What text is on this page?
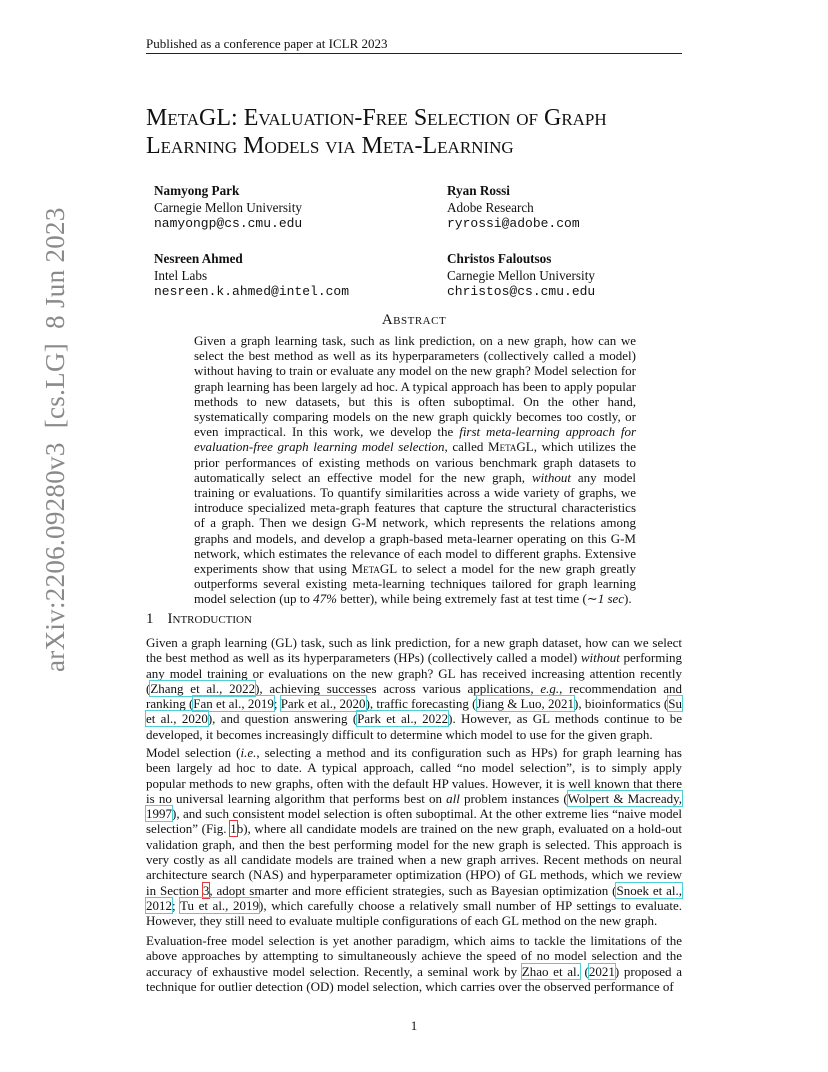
Published as a conference paper at ICLR 2023
arXiv:2206.09280v3  [cs.LG]  8 Jun 2023
MetaGL: Evaluation-Free Selection of Graph
Learning Models via Meta-Learning
Namyong Park
Carnegie Mellon University
namyongp@cs.cmu.edu
Ryan Rossi
Adobe Research
ryrossi@adobe.com
Nesreen Ahmed
Intel Labs
nesreen.k.ahmed@intel.com
Christos Faloutsos
Carnegie Mellon University
christos@cs.cmu.edu
Abstract
Given a graph learning task, such as link prediction, on a new graph, how can we select the best method as well as its hyperparameters (collectively called a model) without having to train or evaluate any model on the new graph? Model selection for graph learning has been largely ad hoc. A typical approach has been to apply popular methods to new datasets, but this is often suboptimal. On the other hand, systematically comparing models on the new graph quickly becomes too costly, or even impractical. In this work, we develop the first meta-learning approach for evaluation-free graph learning model selection, called MetaGL, which utilizes the prior performances of existing methods on various benchmark graph datasets to automatically select an effective model for the new graph, without any model training or evaluations. To quantify similarities across a wide variety of graphs, we introduce specialized meta-graph features that capture the structural characteristics of a graph. Then we design G-M network, which represents the relations among graphs and models, and develop a graph-based meta-learner operating on this G-M network, which estimates the relevance of each model to different graphs. Extensive experiments show that using MetaGL to select a model for the new graph greatly outperforms several existing meta-learning techniques tailored for graph learning model selection (up to 47% better), while being extremely fast at test time (∼1 sec).
1 Introduction
Given a graph learning (GL) task, such as link prediction, for a new graph dataset, how can we select the best method as well as its hyperparameters (HPs) (collectively called a model) without performing any model training or evaluations on the new graph? GL has received increasing attention recently (Zhang et al., 2022), achieving successes across various applications, e.g., recommendation and ranking (Fan et al., 2019; Park et al., 2020), traffic forecasting (Jiang & Luo, 2021), bioinformatics (Su et al., 2020), and question answering (Park et al., 2022). However, as GL methods continue to be developed, it becomes increasingly difficult to determine which model to use for the given graph.
Model selection (i.e., selecting a method and its configuration such as HPs) for graph learning has been largely ad hoc to date. A typical approach, called “no model selection”, is to simply apply popular methods to new graphs, often with the default HP values. However, it is well known that there is no universal learning algorithm that performs best on all problem instances (Wolpert & Macready, 1997), and such consistent model selection is often suboptimal. At the other extreme lies “naive model selection” (Fig. 1b), where all candidate models are trained on the new graph, evaluated on a hold-out validation graph, and then the best performing model for the new graph is selected. This approach is very costly as all candidate models are trained when a new graph arrives. Recent methods on neural architecture search (NAS) and hyperparameter optimization (HPO) of GL methods, which we review in Section 3, adopt smarter and more efficient strategies, such as Bayesian optimization (Snoek et al., 2012; Tu et al., 2019), which carefully choose a relatively small number of HP settings to evaluate. However, they still need to evaluate multiple configurations of each GL method on the new graph.
Evaluation-free model selection is yet another paradigm, which aims to tackle the limitations of the above approaches by attempting to simultaneously achieve the speed of no model selection and the accuracy of exhaustive model selection. Recently, a seminal work by Zhao et al. (2021) proposed a technique for outlier detection (OD) model selection, which carries over the observed performance of
1
